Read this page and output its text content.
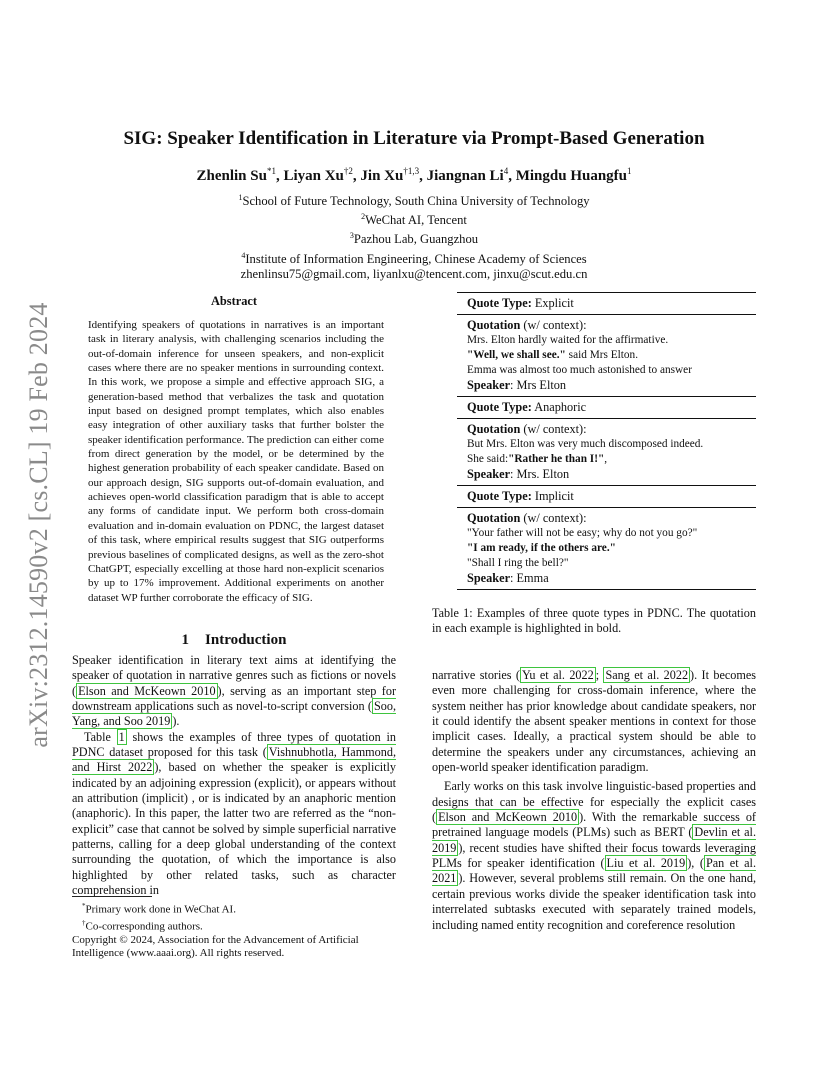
arXiv:2312.14590v2 [cs.CL] 19 Feb 2024
SIG: Speaker Identification in Literature via Prompt-Based Generation
Zhenlin Su$^{*1}$, Liyan Xu$^{\dagger 2}$, Jin Xu$^{\dagger 1,3}$, Jiangnan Li$^4$, Mingdu Huangfu$^1$
$^1$School of Future Technology, South China University of Technology
$^2$WeChat AI, Tencent
$^3$Pazhou Lab, Guangzhou
$^4$Institute of Information Engineering, Chinese Academy of Sciences
zhenlinsu75@gmail.com, liyanlxu@tencent.com, jinxu@scut.edu.cn
Abstract
Identifying speakers of quotations in narratives is an important task in literary analysis, with challenging scenarios including the out-of-domain inference for unseen speakers, and non-explicit cases where there are no speaker mentions in surrounding context. In this work, we propose a simple and effective approach SIG, a generation-based method that verbalizes the task and quotation input based on designed prompt templates, which also enables easy integration of other auxiliary tasks that further bolster the speaker identification performance. The prediction can either come from direct generation by the model, or be determined by the highest generation probability of each speaker candidate. Based on our approach design, SIG supports out-of-domain evaluation, and achieves open-world classification paradigm that is able to accept any forms of candidate input. We perform both cross-domain evaluation and in-domain evaluation on PDNC, the largest dataset of this task, where empirical results suggest that SIG outperforms previous baselines of complicated designs, as well as the zero-shot ChatGPT, especially excelling at those hard non-explicit scenarios by up to 17% improvement. Additional experiments on another dataset WP further corroborate the efficacy of SIG.
1 Introduction

Speaker identification in literary text aims at identifying the speaker of quotation in narrative genres such as fictions or novels ( Elson and McKeown 2010 ), serving as an important step for downstream applications such as novel-to-script conversion ( Soo, Yang, and Soo 2019 ).

Table 1 shows the examples of three types of quotation in PDNC dataset proposed for this task ( Vishnubhotla, Hammond, and Hirst 2022 ), based on whether the speaker is explicitly indicated by an adjoining expression (explicit), or appears without an attribution (implicit) , or is indicated by an anaphoric mention (anaphoric). In this paper, the latter two are referred as the “non-explicit” case that cannot be solved by simple superficial narrative patterns, calling for a deep global understanding of the context surrounding the quotation, of which the importance is also highlighted by other related tasks, such as character comprehension in

*Primary work done in WeChat AI.
†Co-corresponding authors.
Copyright © 2024, Association for the Advancement of Artificial Intelligence (www.aaai.org). All rights reserved.
Quote Type: Explicit
Quotation (w/ context):
Mrs. Elton hardly waited for the affirmative.
"Well, we shall see." said Mrs Elton.
Emma was almost too much astonished to answer
Speaker: Mrs Elton
Quote Type: Anaphoric
Quotation (w/ context):
But Mrs. Elton was very much discomposed indeed.
She said:"Rather he than I!",
Speaker: Mrs. Elton
Quote Type: Implicit
Quotation (w/ context):
"Your father will not be easy; why do not you go?"
"I am ready, if the others are."
"Shall I ring the bell?"
Speaker: Emma
Table 1: Examples of three quote types in PDNC. The quotation in each example is highlighted in bold.

narrative stories ( Yu et al. 2022 ; Sang et al. 2022 ). It becomes even more challenging for cross-domain inference, where the system neither has prior knowledge about candidate speakers, nor it could identify the absent speaker mentions in context for those implicit cases. Ideally, a practical system should be able to determine the speakers under any circumstances, achieving an open-world speaker identification paradigm.

Early works on this task involve linguistic-based properties and designs that can be effective for especially the explicit cases ( Elson and McKeown 2010 ). With the remarkable success of pretrained language models (PLMs) such as BERT ( Devlin et al. 2019 ), recent studies have shifted their focus towards leveraging PLMs for speaker identification ( Liu et al. 2019 ), ( Pan et al. 2021 ). However, several problems still remain. On the one hand, certain previous works divide the speaker identification task into interrelated subtasks executed with separately trained models, including named entity recognition and coreference resolution
